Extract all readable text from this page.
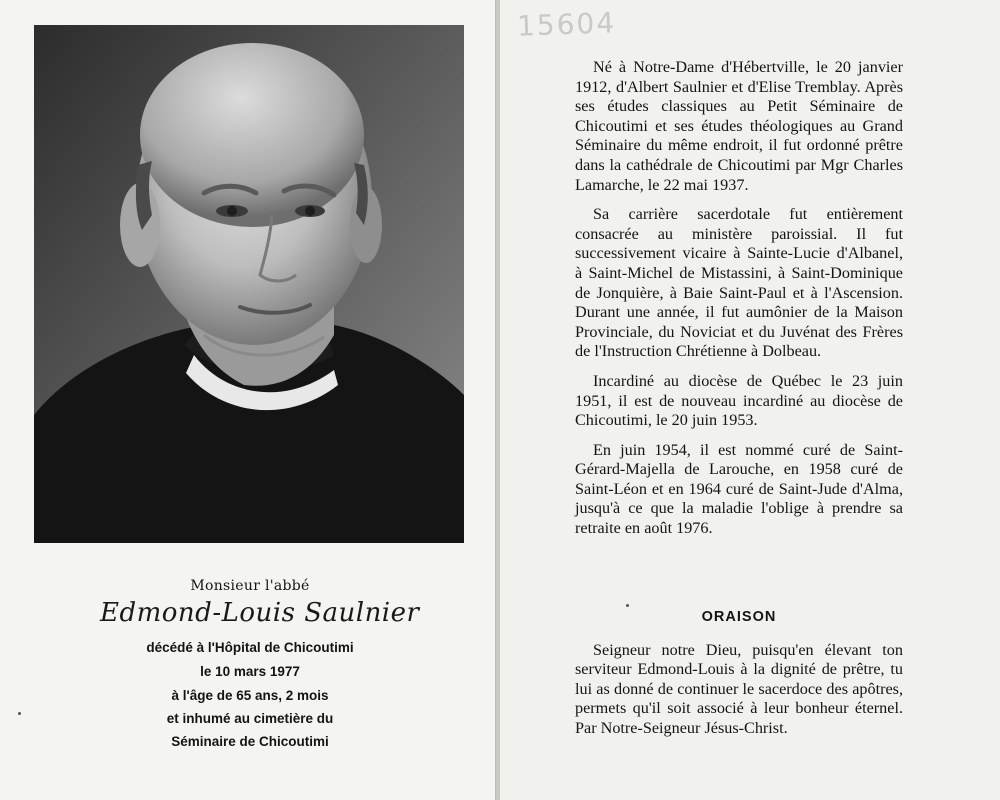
Monsieur l'abbé
Edmond-Louis Saulnier
décédé à l'Hôpital de Chicoutimi
le 10 mars 1977
à l'âge de 65 ans, 2 mois
et inhumé au cimetière du
Séminaire de Chicoutimi
15604

Né à Notre-Dame d'Hébertville, le 20 janvier 1912, d'Albert Saulnier et d'Elise Tremblay. Après ses études classiques au Petit Séminaire de Chicoutimi et ses études théologiques au Grand Séminaire du même endroit, il fut ordonné prêtre dans la cathédrale de Chicoutimi par Mgr Charles Lamarche, le 22 mai 1937.

Sa carrière sacerdotale fut entièrement consacrée au ministère paroissial. Il fut successivement vicaire à Sainte-Lucie d'Albanel, à Saint-Michel de Mistassini, à Saint-Dominique de Jonquière, à Baie Saint-Paul et à l'Ascension. Durant une année, il fut aumônier de la Maison Provinciale, du Noviciat et du Juvénat des Frères de l'Instruction Chrétienne à Dolbeau.

Incardiné au diocèse de Québec le 23 juin 1951, il est de nouveau incardiné au diocèse de Chicoutimi, le 20 juin 1953.

En juin 1954, il est nommé curé de Saint-Gérard-Majella de Larouche, en 1958 curé de Saint-Léon et en 1964 curé de Saint-Jude d'Alma, jusqu'à ce que la maladie l'oblige à prendre sa retraite en août 1976.

ORAISON

Seigneur notre Dieu, puisqu'en élevant ton serviteur Edmond-Louis à la dignité de prêtre, tu lui as donné de continuer le sacerdoce des apôtres, permets qu'il soit associé à leur bonheur éternel. Par Notre-Seigneur Jésus-Christ.
